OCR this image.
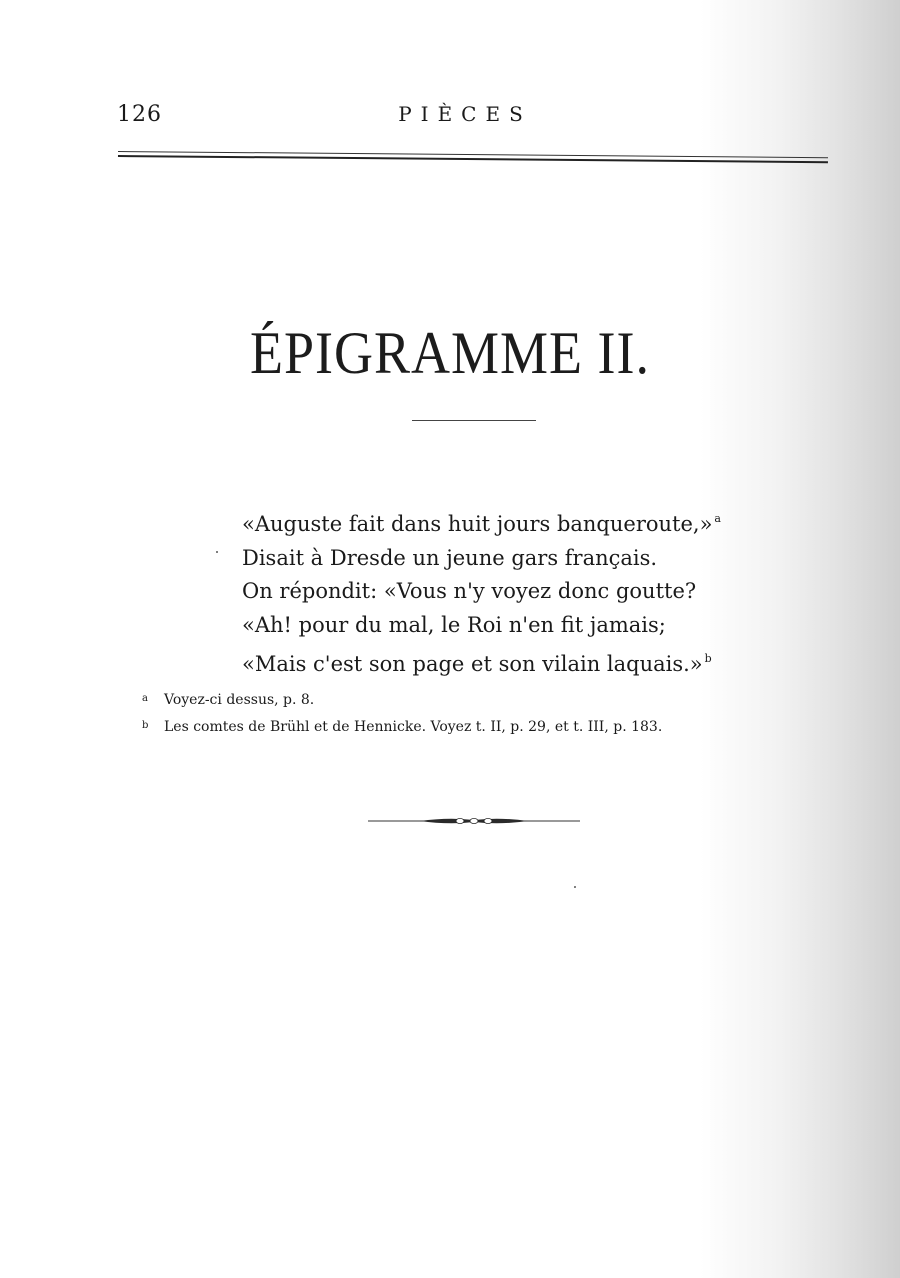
126	PIÈCES
ÉPIGRAMME II.
«Auguste fait dans huit jours banqueroute,» $^a$
Disait à Dresde un jeune gars français.
On répondit: «Vous n'y voyez donc goutte?
«Ah! pour du mal, le Roi n'en fit jamais;
«Mais c'est son page et son vilain laquais.» $^b$
a Voyez-ci dessus, p. 8.
b Les comtes de Brühl et de Hennicke. Voyez t. II, p. 29, et t. III, p. 183.
